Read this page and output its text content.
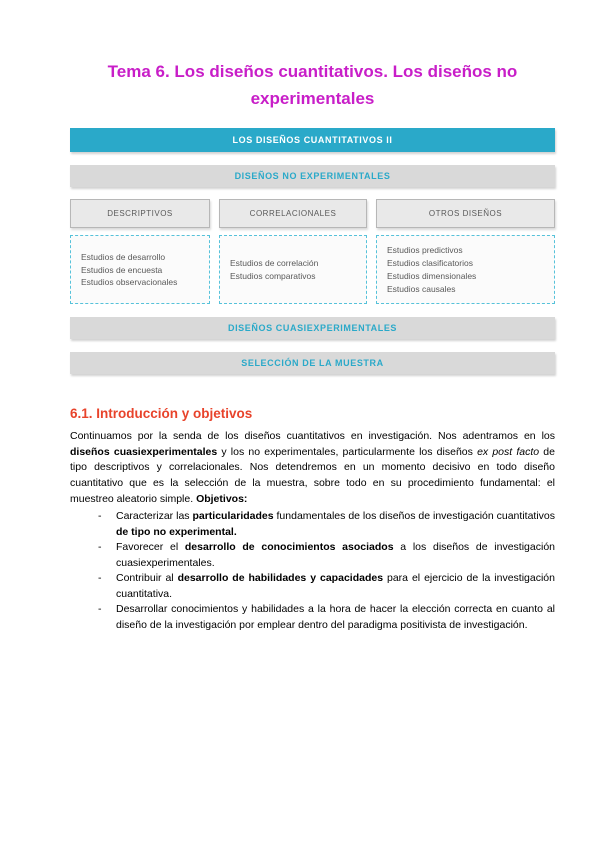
Tema 6. Los diseños cuantitativos. Los diseños no experimentales
LOS DISEÑOS CUANTITATIVOS II
DISEÑOS NO EXPERIMENTALES
DESCRIPTIVOS
Estudios de desarrollo
Estudios de encuesta
Estudios observacionales
CORRELACIONALES
Estudios de correlación
Estudios comparativos
OTROS DISEÑOS
Estudios predictivos
Estudios clasificatorios
Estudios dimensionales
Estudios causales
DISEÑOS CUASIEXPERIMENTALES
SELECCIÓN DE LA MUESTRA
6.1. Introducción y objetivos

Continuamos por la senda de los diseños cuantitativos en investigación. Nos adentramos en los diseños cuasiexperimentales y los no experimentales, particularmente los diseños ex post facto de tipo descriptivos y correlacionales. Nos detendremos en un momento decisivo en todo diseño cuantitativo que es la selección de la muestra, sobre todo en su procedimiento fundamental: el muestreo aleatorio simple. Objetivos:

-	Caracterizar las particularidades fundamentales de los diseños de investigación cuantitativos de tipo no experimental.
-	Favorecer el desarrollo de conocimientos asociados a los diseños de investigación cuasiexperimentales.
-	Contribuir al desarrollo de habilidades y capacidades para el ejercicio de la investigación cuantitativa.
-	Desarrollar conocimientos y habilidades a la hora de hacer la elección correcta en cuanto al diseño de la investigación por emplear dentro del paradigma positivista de investigación.
